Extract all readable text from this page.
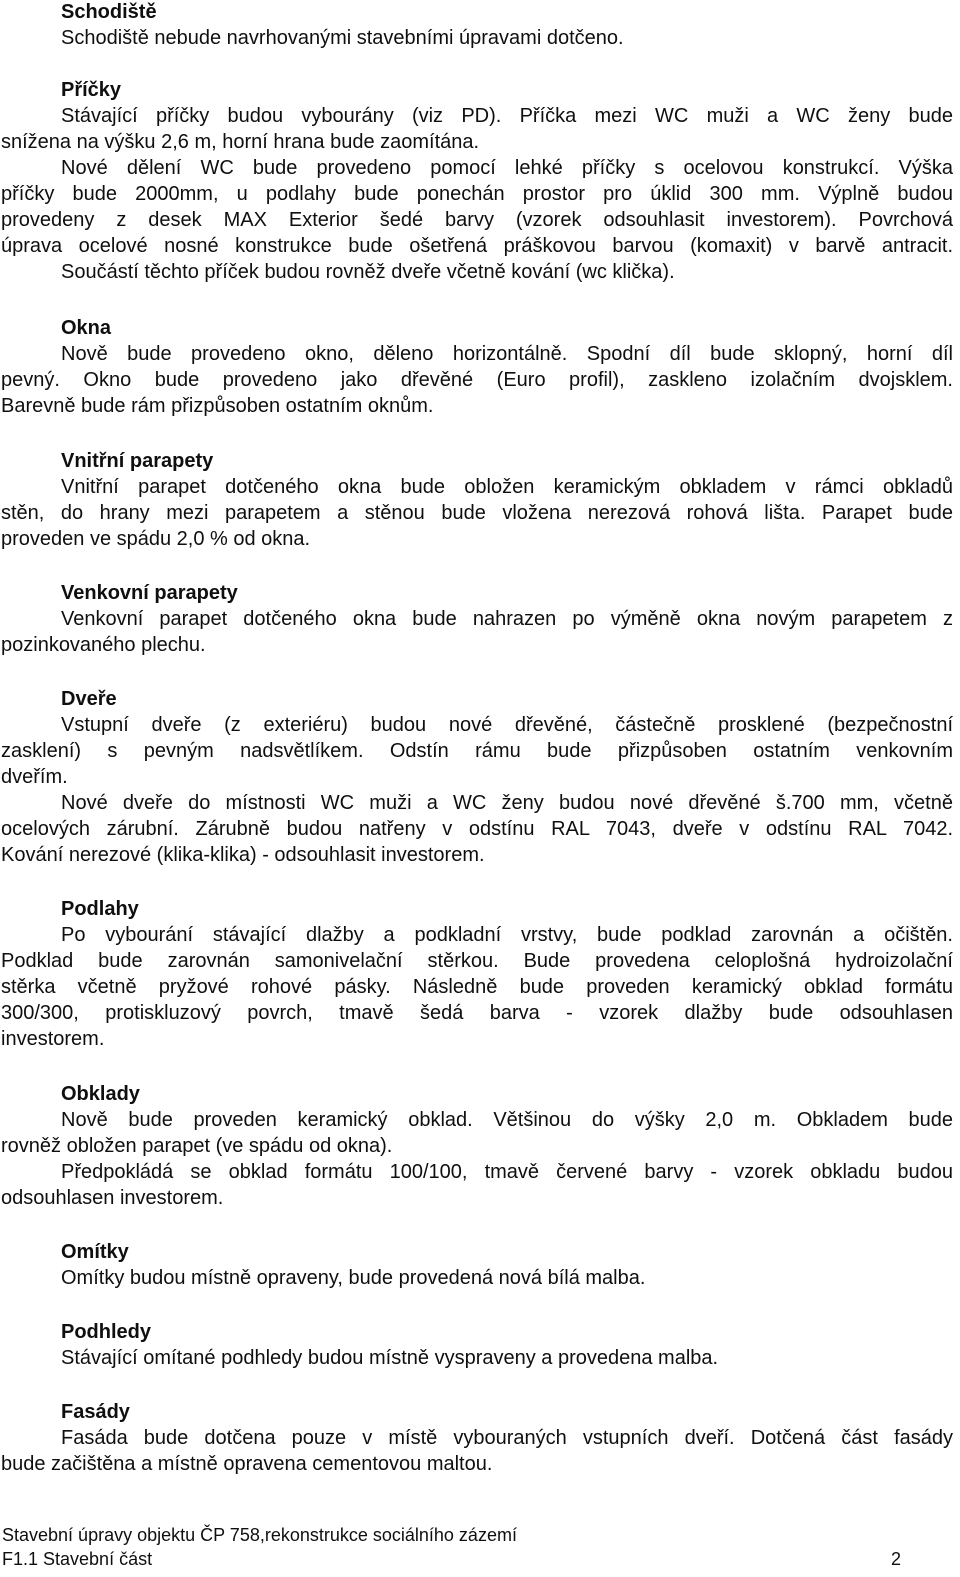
Schodiště
Schodiště nebude navrhovanými stavebními úpravami dotčeno.
Příčky
Stávající příčky budou vybourány (viz PD). Příčka mezi WC muži a WC ženy bude
snížena na výšku 2,6 m, horní hrana bude zaomítána.
Nové dělení WC bude provedeno pomocí lehké příčky s ocelovou konstrukcí. Výška
příčky bude 2000mm, u podlahy bude ponechán prostor pro úklid 300 mm. Výplně budou
provedeny z desek MAX Exterior šedé barvy (vzorek odsouhlasit investorem). Povrchová
úprava ocelové nosné konstrukce bude ošetřená práškovou barvou (komaxit) v barvě antracit.
Součástí těchto příček budou rovněž dveře včetně kování (wc klička).
Okna
Nově bude provedeno okno, děleno horizontálně. Spodní díl bude sklopný, horní díl
pevný. Okno bude provedeno jako dřevěné (Euro profil), zaskleno izolačním dvojsklem.
Barevně bude rám přizpůsoben ostatním oknům.
Vnitřní parapety
Vnitřní parapet dotčeného okna bude obložen keramickým obkladem v rámci obkladů
stěn, do hrany mezi parapetem a stěnou bude vložena nerezová rohová lišta. Parapet bude
proveden ve spádu 2,0 % od okna.
Venkovní parapety
Venkovní parapet dotčeného okna bude nahrazen po výměně okna novým parapetem z
pozinkovaného plechu.
Dveře
Vstupní dveře (z exteriéru) budou nové dřevěné, částečně prosklené (bezpečnostní
zasklení) s pevným nadsvětlíkem. Odstín rámu bude přizpůsoben ostatním venkovním
dveřím.
Nové dveře do místnosti WC muži a WC ženy budou nové dřevěné š.700 mm, včetně
ocelových zárubní. Zárubně budou natřeny v odstínu RAL 7043, dveře v odstínu RAL 7042.
Kování nerezové (klika-klika) - odsouhlasit investorem.
Podlahy
Po vybourání stávající dlažby a podkladní vrstvy, bude podklad zarovnán a očištěn.
Podklad bude zarovnán samonivelační stěrkou. Bude provedena celoplošná hydroizolační
stěrka včetně pryžové rohové pásky. Následně bude proveden keramický obklad formátu
300/300, protiskluzový povrch, tmavě šedá barva - vzorek dlažby bude odsouhlasen
investorem.
Obklady
Nově bude proveden keramický obklad. Většinou do výšky 2,0 m. Obkladem bude
rovněž obložen parapet (ve spádu od okna).
Předpokládá se obklad formátu 100/100, tmavě červené barvy - vzorek obkladu budou
odsouhlasen investorem.
Omítky
Omítky budou místně opraveny, bude provedená nová bílá malba.
Podhledy
Stávající omítané podhledy budou místně vyspraveny a provedena malba.
Fasády
Fasáda bude dotčena pouze v místě vybouraných vstupních dveří. Dotčená část fasády
bude začištěna a místně opravena cementovou maltou.
Stavební úpravy objektu ČP 758,rekonstrukce sociálního zázemí
F1.1 Stavební část	2
